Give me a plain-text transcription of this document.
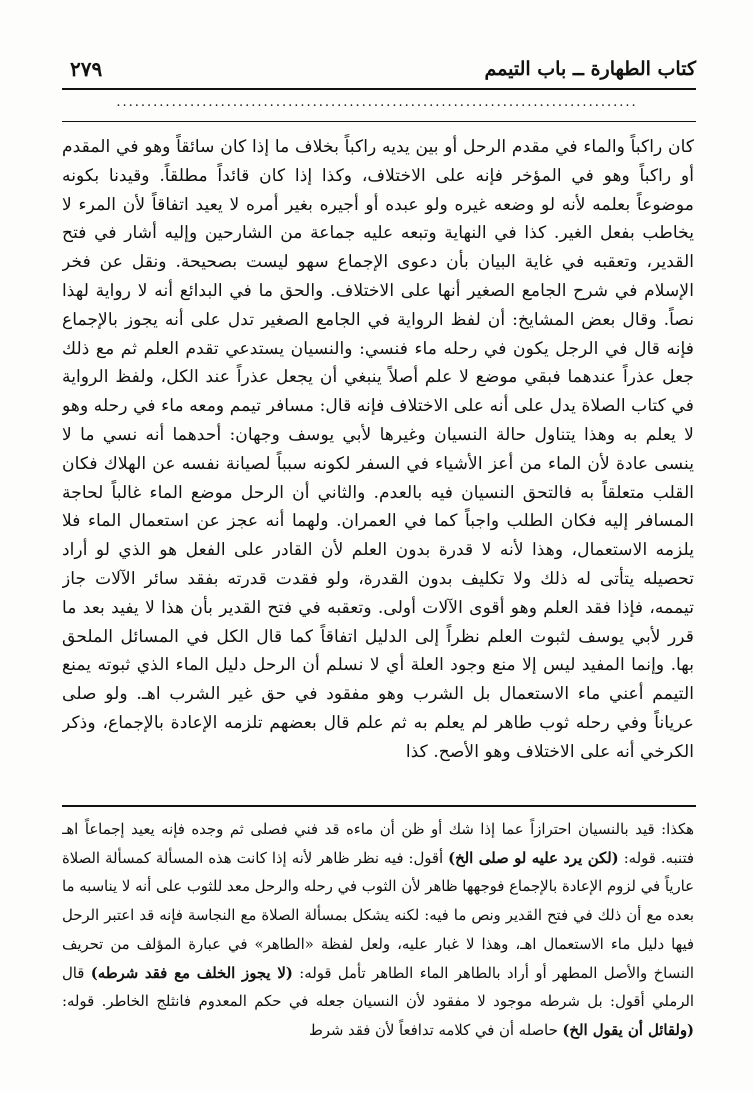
٢٧٩	كتاب الطهارة ــ باب التيمم
.....................................................................................
كان راكباً والماء في مقدم الرحل أو بين يديه راكباً بخلاف ما إذا كان سائقاً وهو في المقدم أو راكباً وهو في المؤخر فإنه على الاختلاف، وكذا إذا كان قائداً مطلقاً. وقيدنا بكونه موضوعاً بعلمه لأنه لو وضعه غيره ولو عبده أو أجيره بغير أمره لا يعيد اتفاقاً لأن المرء لا يخاطب بفعل الغير. كذا في النهاية وتبعه عليه جماعة من الشارحين وإليه أشار في فتح القدير، وتعقبه في غاية البيان بأن دعوى الإجماع سهو ليست بصحيحة. ونقل عن فخر الإسلام في شرح الجامع الصغير أنها على الاختلاف. والحق ما في البدائع أنه لا رواية لهذا نصاً. وقال بعض المشايخ: أن لفظ الرواية في الجامع الصغير تدل على أنه يجوز بالإجماع فإنه قال في الرجل يكون في رحله ماء فنسي: والنسيان يستدعي تقدم العلم ثم مع ذلك جعل عذراً عندهما فبقي موضع لا علم أصلاً ينبغي أن يجعل عذراً عند الكل، ولفظ الرواية في كتاب الصلاة يدل على أنه على الاختلاف فإنه قال: مسافر تيمم ومعه ماء في رحله وهو لا يعلم به وهذا يتناول حالة النسيان وغيرها لأبي يوسف وجهان: أحدهما أنه نسي ما لا ينسى عادة لأن الماء من أعز الأشياء في السفر لكونه سبباً لصيانة نفسه عن الهلاك فكان القلب متعلقاً به فالتحق النسيان فيه بالعدم. والثاني أن الرحل موضع الماء غالباً لحاجة المسافر إليه فكان الطلب واجباً كما في العمران. ولهما أنه عجز عن استعمال الماء فلا يلزمه الاستعمال، وهذا لأنه لا قدرة بدون العلم لأن القادر على الفعل هو الذي لو أراد تحصيله يتأتى له ذلك ولا تكليف بدون القدرة، ولو فقدت قدرته بفقد سائر الآلات جاز تيممه، فإذا فقد العلم وهو أقوى الآلات أولى. وتعقبه في فتح القدير بأن هذا لا يفيد بعد ما قرر لأبي يوسف لثبوت العلم نظراً إلى الدليل اتفاقاً كما قال الكل في المسائل الملحق بها. وإنما المفيد ليس إلا منع وجود العلة أي لا نسلم أن الرحل دليل الماء الذي ثبوته يمنع التيمم أعني ماء الاستعمال بل الشرب وهو مفقود في حق غير الشرب اهـ. ولو صلى عرياناً وفي رحله ثوب طاهر لم يعلم به ثم علم قال بعضهم تلزمه الإعادة بالإجماع، وذكر الكرخي أنه على الاختلاف وهو الأصح. كذا
هكذا: قيد بالنسيان احترازاً عما إذا شك أو ظن أن ماءه قد فني فصلى ثم وجده فإنه يعيد إجماعاً اهـ فتنبه. قوله: (لكن يرد عليه لو صلى الخ) أقول: فيه نظر ظاهر لأنه إذا كانت هذه المسألة كمسألة الصلاة عارياً في لزوم الإعادة بالإجماع فوجهها ظاهر لأن الثوب في رحله والرحل معد للثوب على أنه لا يناسبه ما بعده مع أن ذلك في فتح القدير ونص ما فيه: لكنه يشكل بمسألة الصلاة مع النجاسة فإنه قد اعتبر الرحل فيها دليل ماء الاستعمال اهـ، وهذا لا غبار عليه، ولعل لفظة «الطاهر» في عبارة المؤلف من تحريف النساخ والأصل المطهر أو أراد بالطاهر الماء الطاهر تأمل قوله: (لا يجوز الخلف مع فقد شرطه) قال الرملي أقول: بل شرطه موجود لا مفقود لأن النسيان جعله في حكم المعدوم فانثلج الخاطر. قوله: (ولقائل أن يقول الخ) حاصله أن في كلامه تدافعاً لأن فقد شرط
